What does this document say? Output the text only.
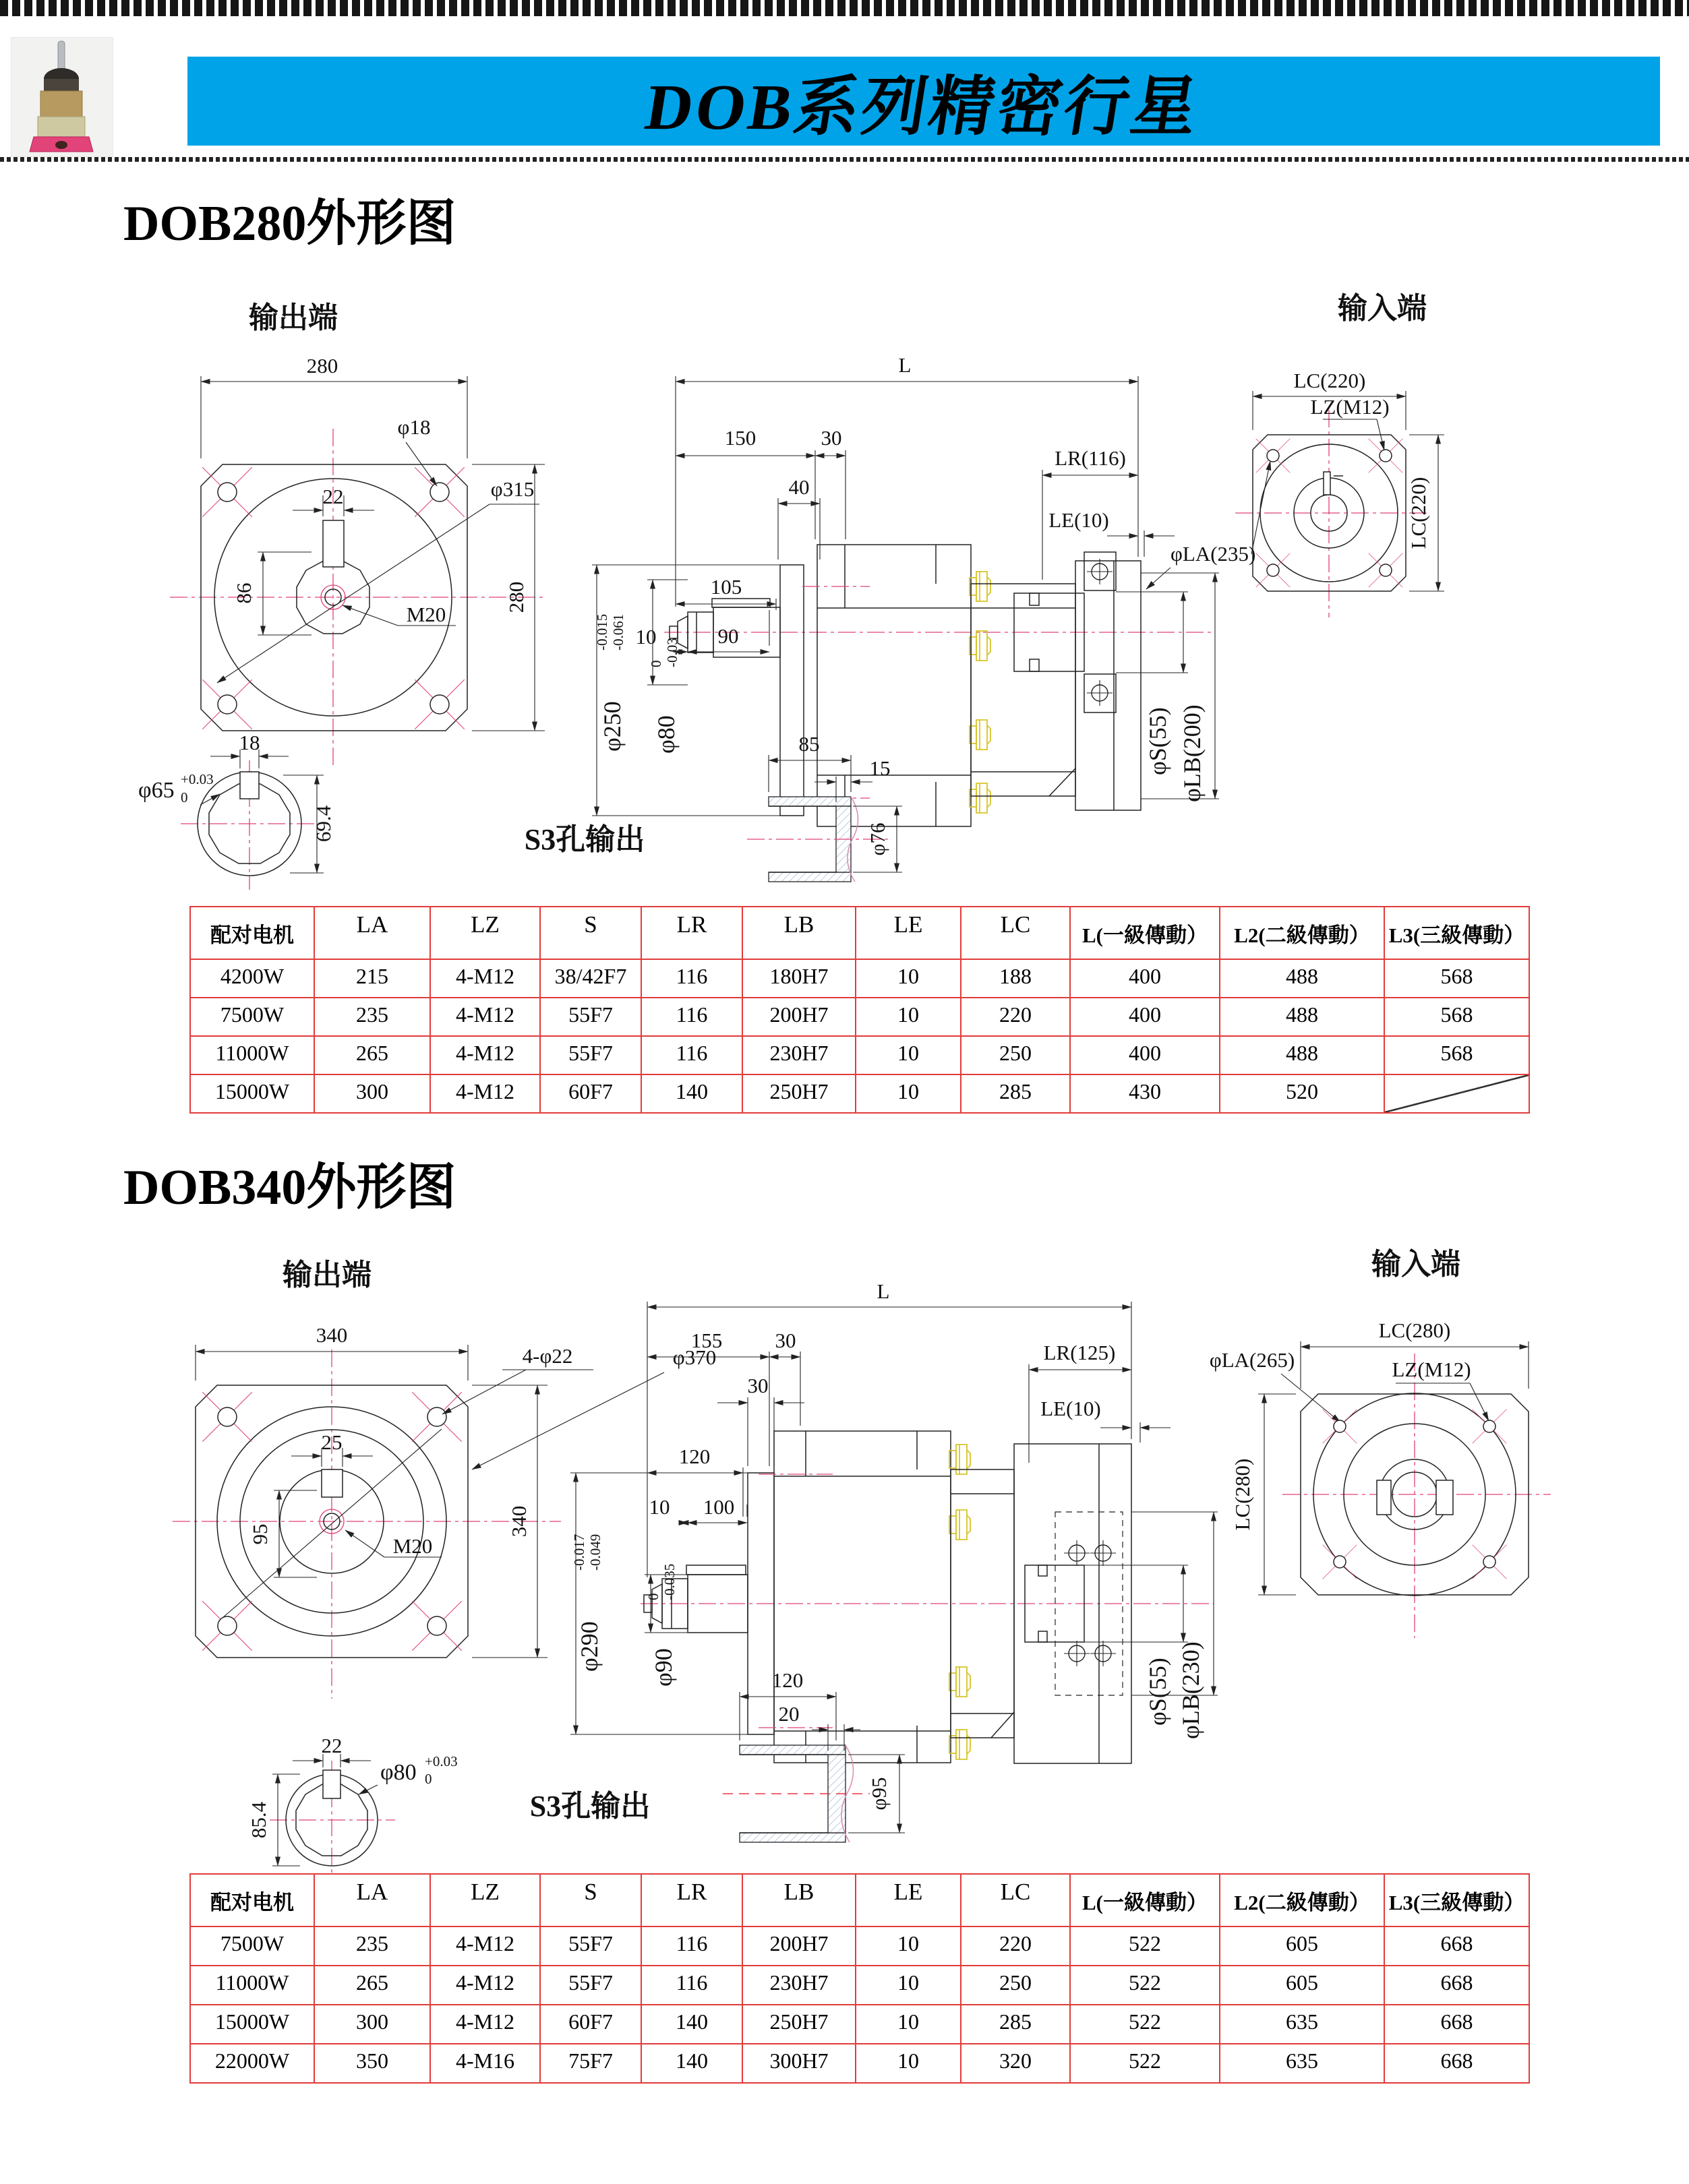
DOB系列精密行星
DOB280外形图
DOB340外形图
输出端	输入端
S3孔输出
280
280
φ18
φ315
22
86
M20
18
φ65 +0.03
0
69.4
L
150	30
40
LR(116)
LE(10)
φLA(235)
105
10	90
φ250
-0.015 -0.061
φ80
0 -0.03
φS(55) φLB(200)
85
15
φ76
LC(220)
LZ(M12)
LC(220)
配对电机	LA	LZ	S	LR	LB	LE	LC	L(一級傳動）	L2(二級傳動）	L3(三級傳動）
4200W	215	4-M12	38/42F7	116	180H7	10	188	400	488	568
7500W	235	4-M12	55F7	116	200H7	10	220	400	488	568
11000W	265	4-M12	55F7	116	230H7	10	250	400	488	568
15000W	300	4-M12	60F7	140	250H7	10	285	430	520	
输出端	输入端
S3孔输出
340
340
4-φ22	φ370
25
95	M20
22
φ80 +0.03
0
85.4
L
155	30
30
LR(125)
LE(10)
φLA(265)
120
10 100
φ290
-0.017 -0.049
φ90
0 -0.035
φS(55) φLB(230)
120
20
φ95
LC(280)
LZ(M12)
LC(280)
配对电机	LA	LZ	S	LR	LB	LE	LC	L(一級傳動）	L2(二級傳動）	L3(三級傳動）
7500W	235	4-M12	55F7	116	200H7	10	220	522	605	668
11000W	265	4-M12	55F7	116	230H7	10	250	522	605	668
15000W	300	4-M12	60F7	140	250H7	10	285	522	635	668
22000W	350	4-M16	75F7	140	300H7	10	320	522	635	668
